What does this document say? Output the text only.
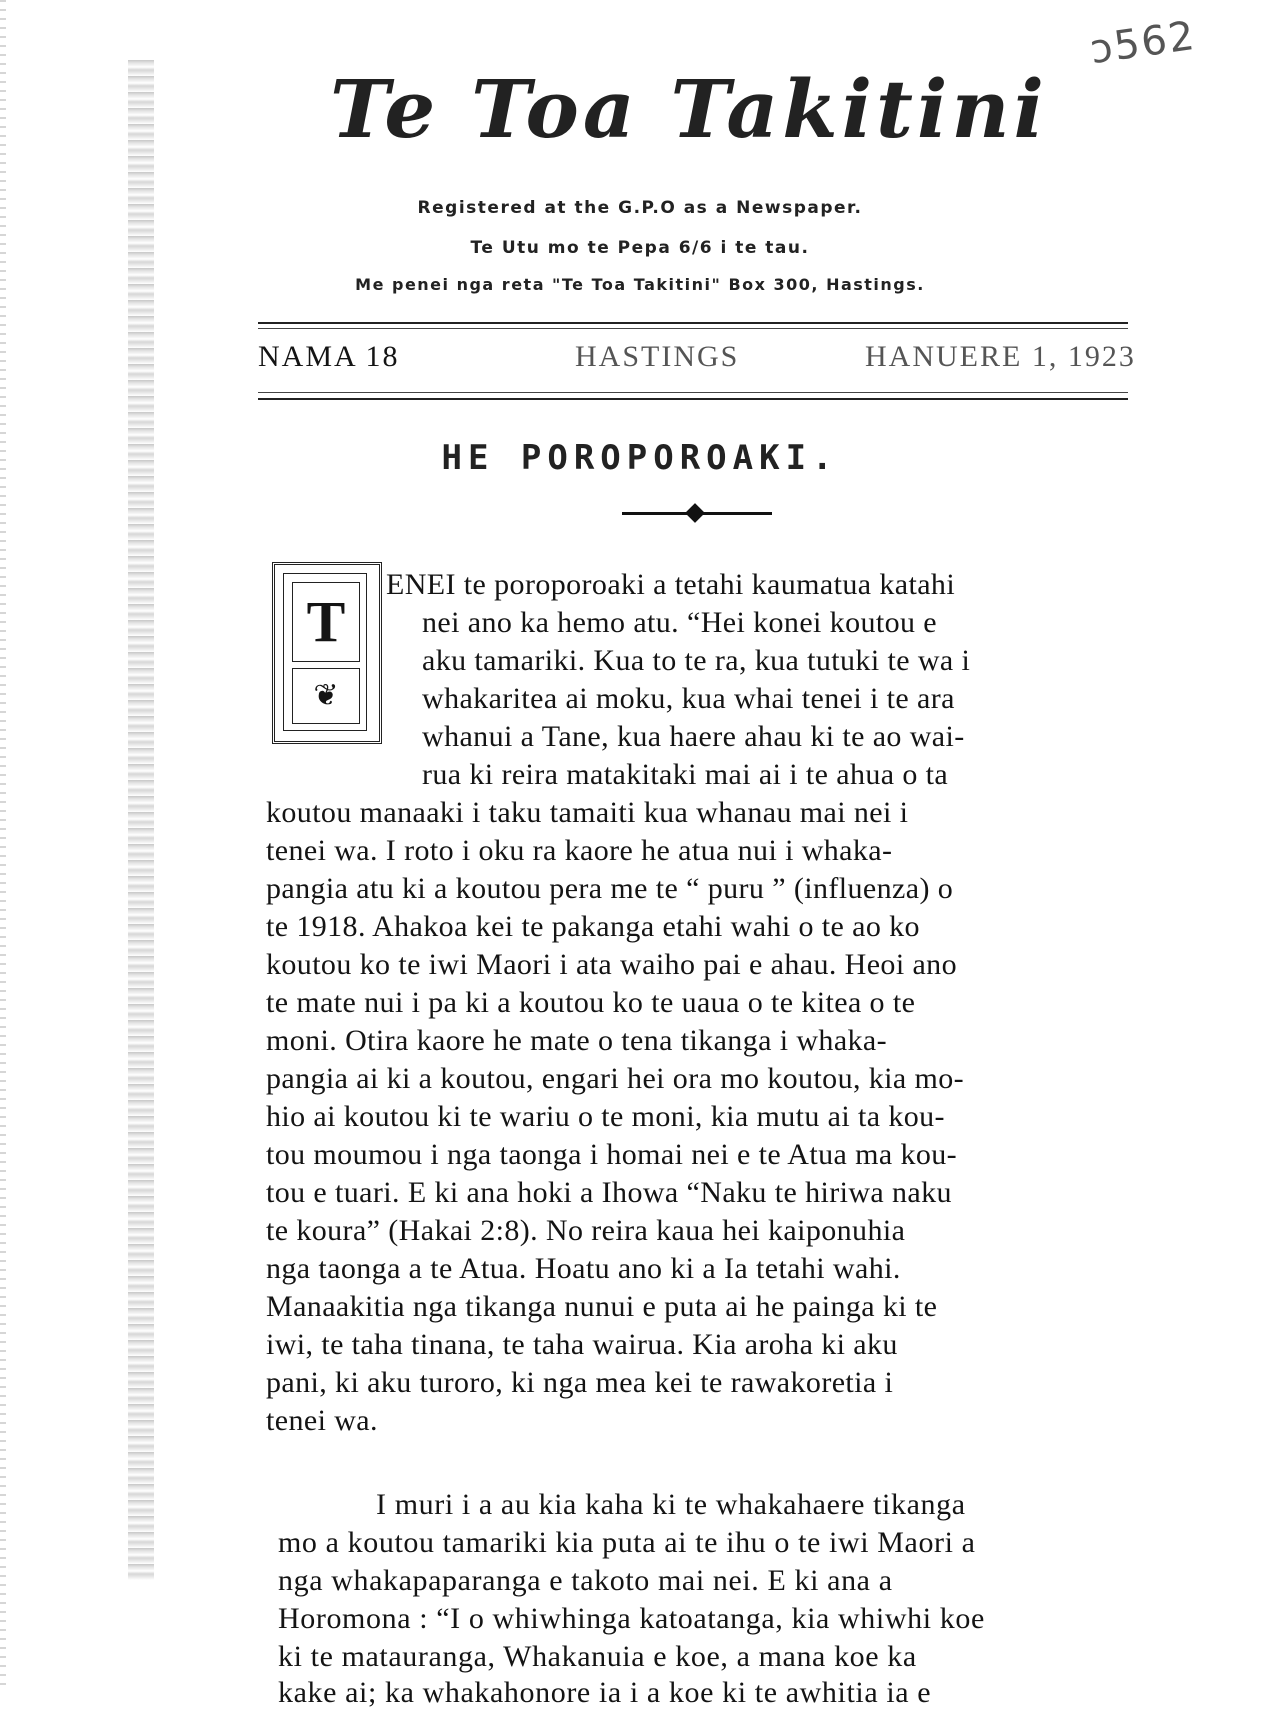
ɔ562
Te Toa Takitini
Registered at the G.P.O as a Newspaper.
Te Utu mo te Pepa 6/6 i te tau.
Me penei nga reta "Te Toa Takitini" Box 300, Hastings.
NAMA 18	HASTINGS	HANUERE 1, 1923
HE POROPOROAKI.
T
❦
ENEI te poroporoaki a tetahi kaumatua katahi
nei ano ka hemo atu. “Hei konei koutou e
aku tamariki. Kua to te ra, kua tutuki te wa i
whakaritea ai moku, kua whai tenei i te ara
whanui a Tane, kua haere ahau ki te ao wai-
rua ki reira matakitaki mai ai i te ahua o ta
koutou manaaki i taku tamaiti kua whanau mai nei i
tenei wa. I roto i oku ra kaore he atua nui i whaka-
pangia atu ki a koutou pera me te “ puru ” (influenza) o
te 1918. Ahakoa kei te pakanga etahi wahi o te ao ko
koutou ko te iwi Maori i ata waiho pai e ahau. Heoi ano
te mate nui i pa ki a koutou ko te uaua o te kitea o te
moni. Otira kaore he mate o tena tikanga i whaka-
pangia ai ki a koutou, engari hei ora mo koutou, kia mo-
hio ai koutou ki te wariu o te moni, kia mutu ai ta kou-
tou moumou i nga taonga i homai nei e te Atua ma kou-
tou e tuari. E ki ana hoki a Ihowa “Naku te hiriwa naku
te koura” (Hakai 2:8). No reira kaua hei kaiponuhia
nga taonga a te Atua. Hoatu ano ki a Ia tetahi wahi.
Manaakitia nga tikanga nunui e puta ai he painga ki te
iwi, te taha tinana, te taha wairua. Kia aroha ki aku
pani, ki aku turoro, ki nga mea kei te rawakoretia i
tenei wa.
I muri i a au kia kaha ki te whakahaere tikanga
mo a koutou tamariki kia puta ai te ihu o te iwi Maori a
nga whakapaparanga e takoto mai nei. E ki ana a
Horomona : “I o whiwhinga katoatanga, kia whiwhi koe
ki te matauranga, Whakanuia e koe, a mana koe ka
kake ai; ka whakahonore ia i a koe ki te awhitia ia e
